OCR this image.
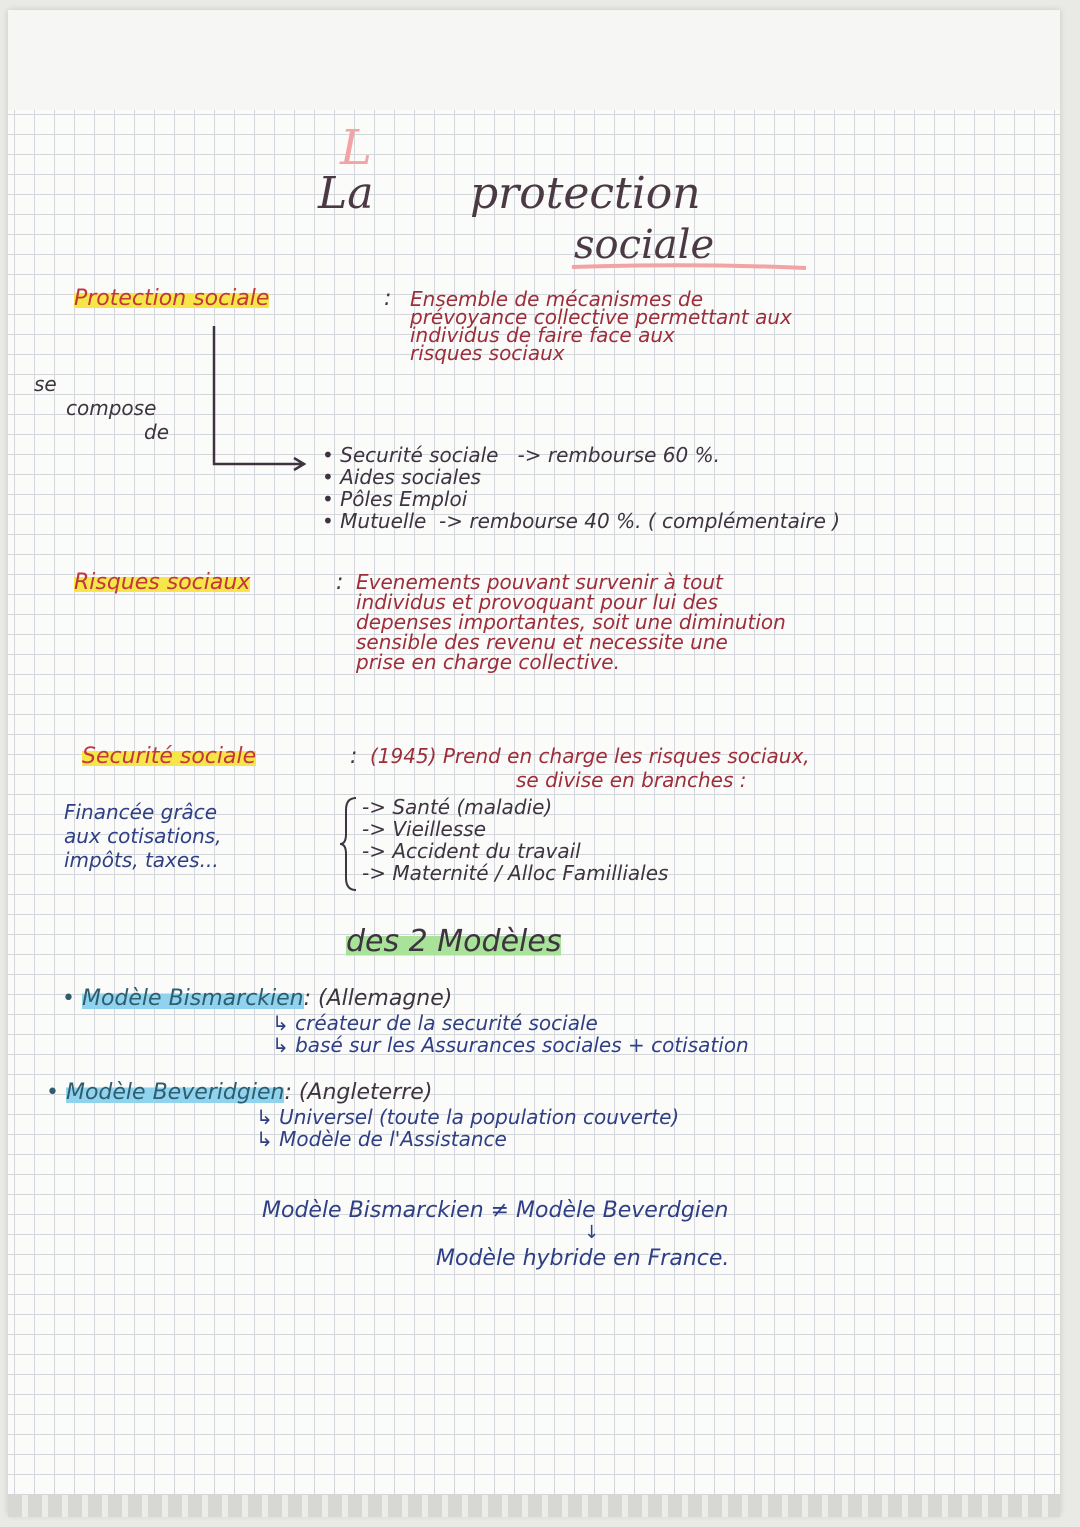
L
La protection
sociale
Protection sociale	: Ensemble de mécanismes de
prévoyance collective permettant aux
individus de faire face aux
risques sociaux
se
compose
de
• Securité sociale -> rembourse 60 %.
• Aides sociales
• Pôles Emploi
• Mutuelle -> rembourse 40 %. ( complémentaire )
Risques sociaux	: Evenements pouvant survenir à tout
individus et provoquant pour lui des
depenses importantes, soit une diminution
sensible des revenu et necessite une
prise en charge collective.
Securité sociale	: (1945) Prend en charge les risques sociaux,
se divise en branches :
Financée grâce
aux cotisations,
impôts, taxes...
-> Santé (maladie)
-> Vieillesse
-> Accident du travail
-> Maternité / Alloc Familliales
des 2 Modèles
• Modèle Bismarckien: (Allemagne)
↳ créateur de la securité sociale
↳ basé sur les Assurances sociales + cotisation
• Modèle Beveridgien: (Angleterre)
↳ Universel (toute la population couverte)
↳ Modèle de l'Assistance
Modèle Bismarckien ≠ Modèle Beverdgien
↓
Modèle hybride en France.
